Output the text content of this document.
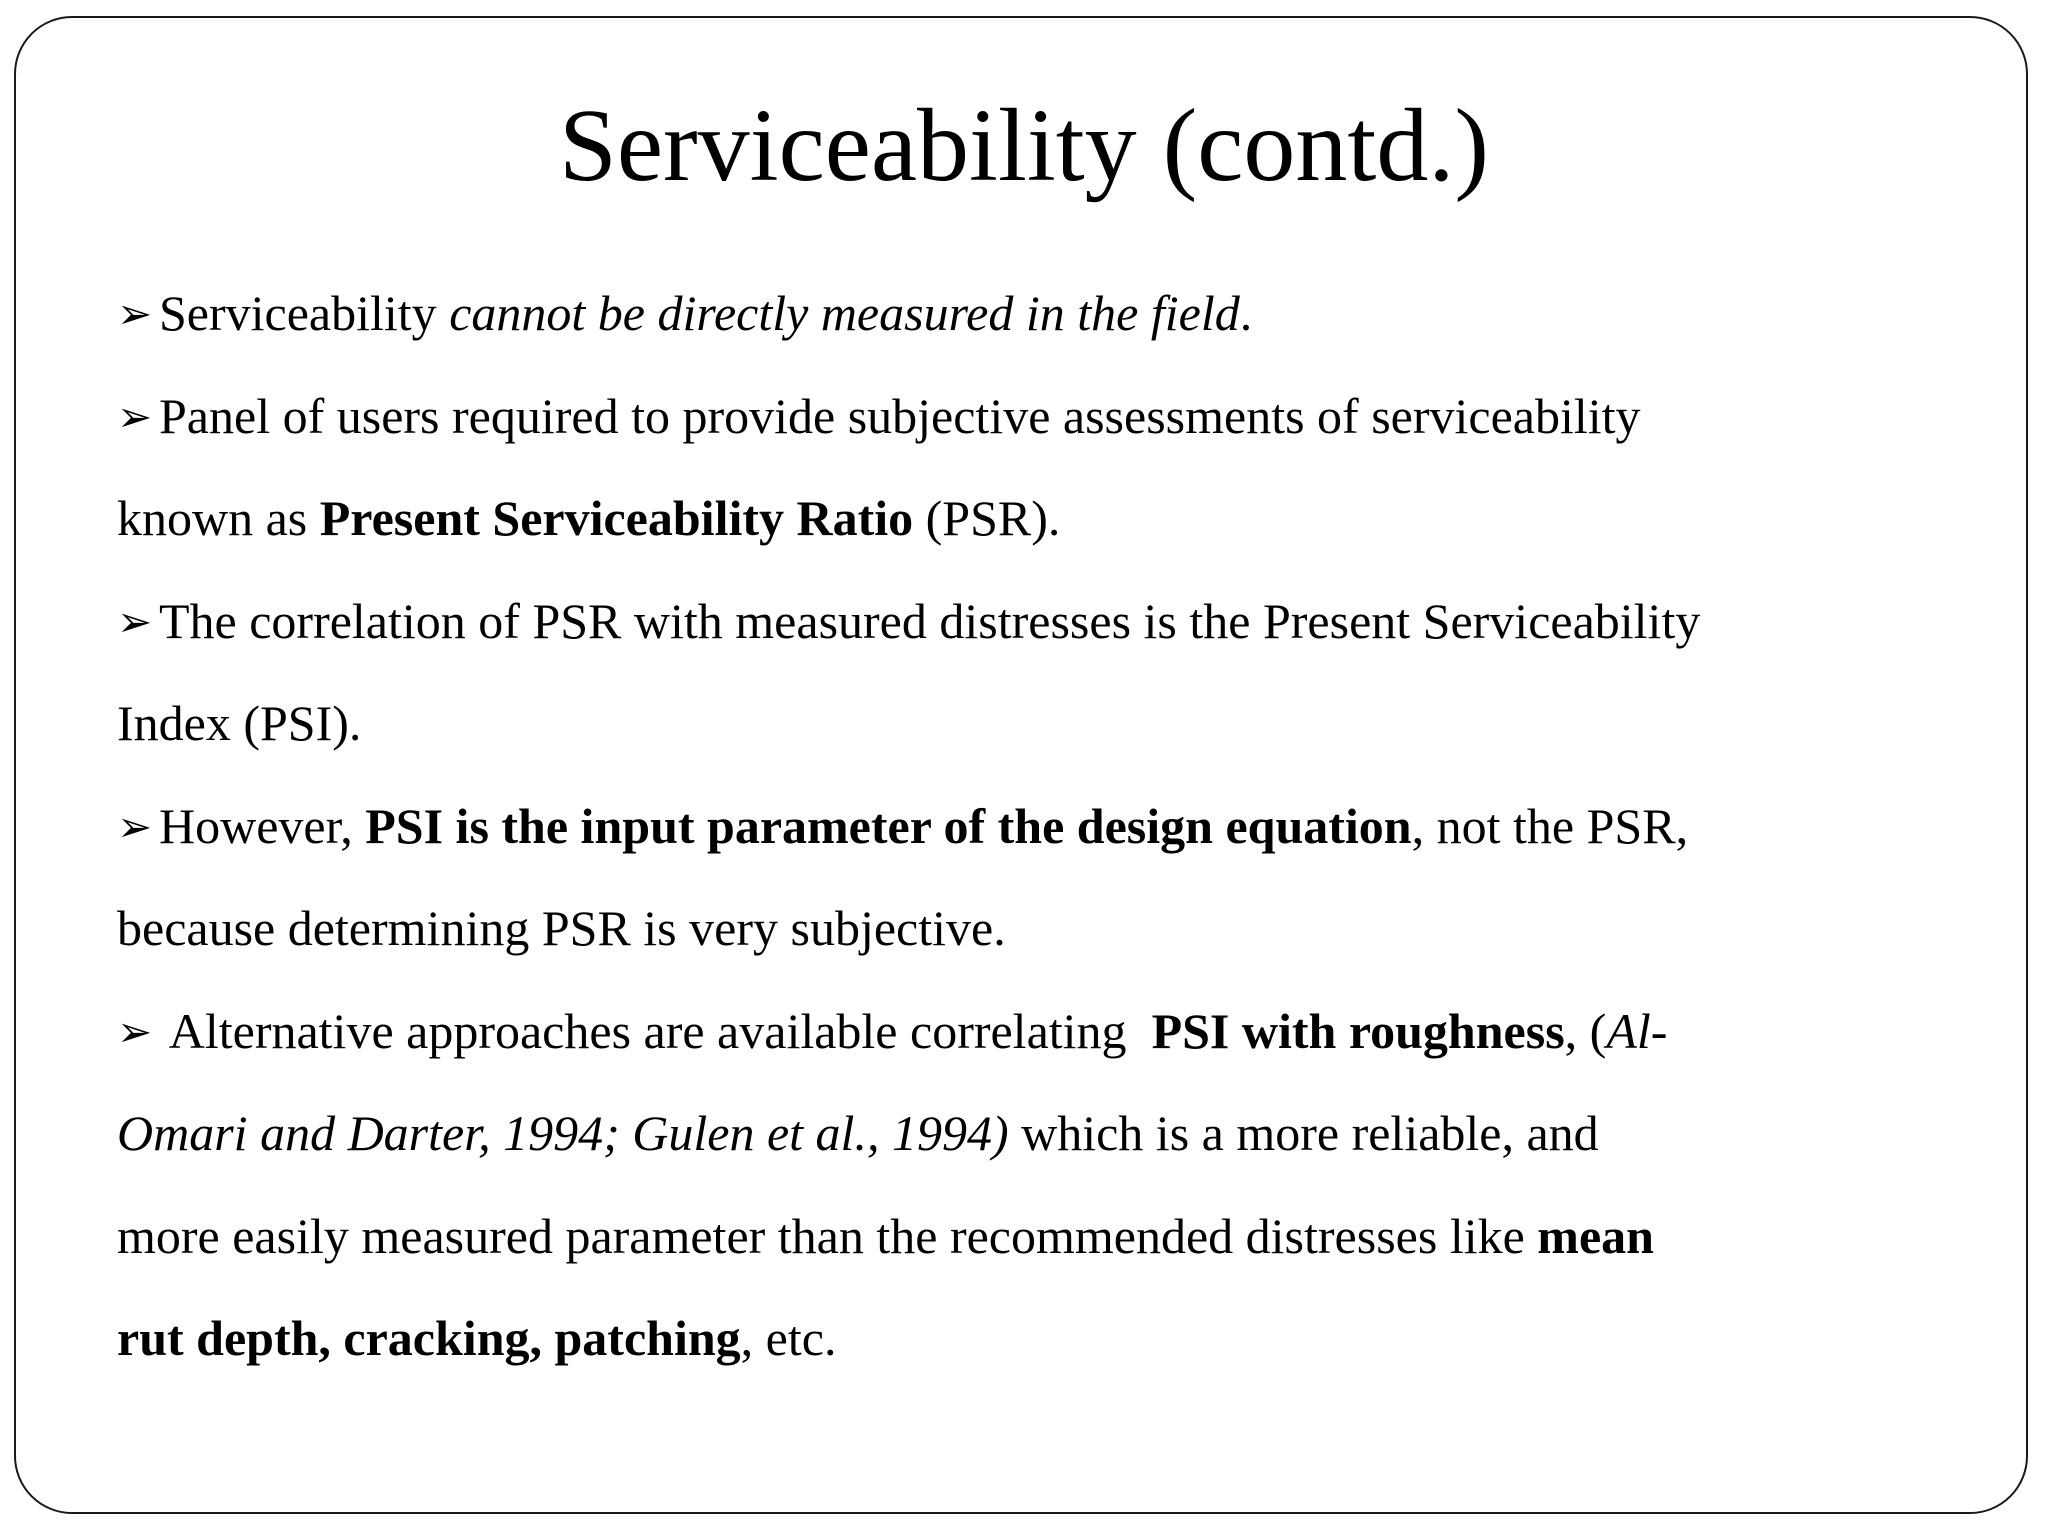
Serviceability (contd.)
➢ Serviceability cannot be directly measured in the field.
➢ Panel of users required to provide subjective assessments of serviceability
known as Present Serviceability Ratio (PSR).
➢ The correlation of PSR with measured distresses is the Present Serviceability
Index (PSI).
➢ However, PSI is the input parameter of the design equation, not the PSR,
because determining PSR is very subjective.
➢ Alternative approaches are available correlating  PSI with roughness, (Al-
Omari and Darter, 1994; Gulen et al., 1994) which is a more reliable, and
more easily measured parameter than the recommended distresses like mean
rut depth, cracking, patching, etc.
